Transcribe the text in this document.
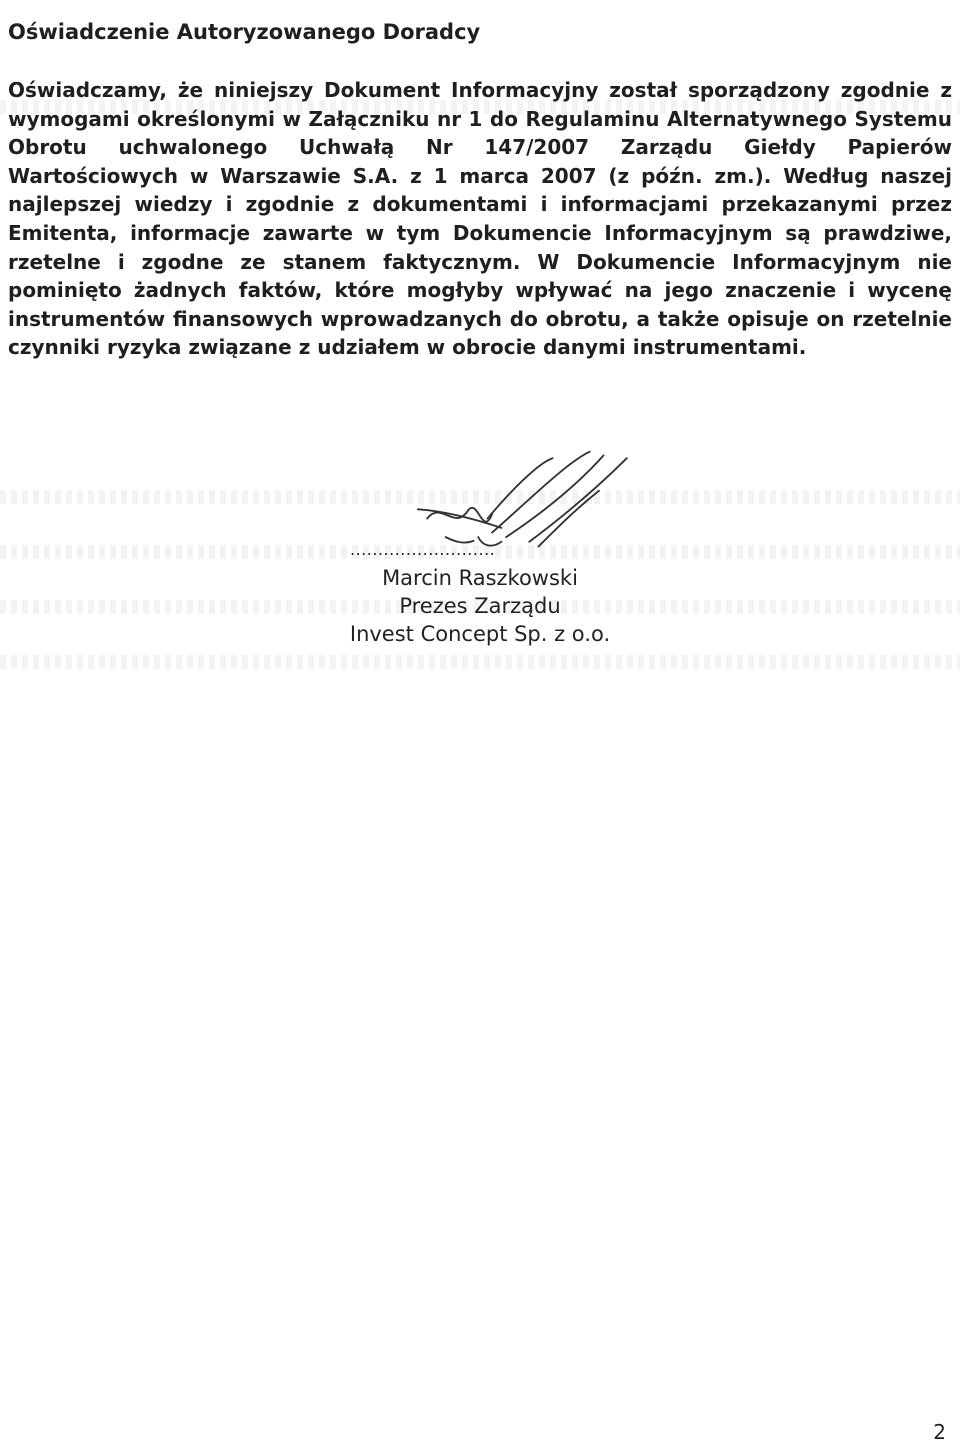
Oświadczenie Autoryzowanego Doradcy
Oświadczamy, że niniejszy Dokument Informacyjny został sporządzony zgodnie z wymogami określonymi w Załączniku nr 1 do Regulaminu Alternatywnego Systemu Obrotu uchwalonego Uchwałą Nr 147/2007 Zarządu Giełdy Papierów Wartościowych w Warszawie S.A. z 1 marca 2007 (z późn. zm.). Według naszej najlepszej wiedzy i zgodnie z dokumentami i informacjami przekazanymi przez Emitenta, informacje zawarte w tym Dokumencie Informacyjnym są prawdziwe, rzetelne i zgodne ze stanem faktycznym. W Dokumencie Informacyjnym nie pominięto żadnych faktów, które mogłyby wpływać na jego znaczenie i wycenę instrumentów finansowych wprowadzanych do obrotu, a także opisuje on rzetelnie czynniki ryzyka związane z udziałem w obrocie danymi instrumentami.
..........................
Marcin Raszkowski
Prezes Zarządu
Invest Concept Sp. z o.o.
2
